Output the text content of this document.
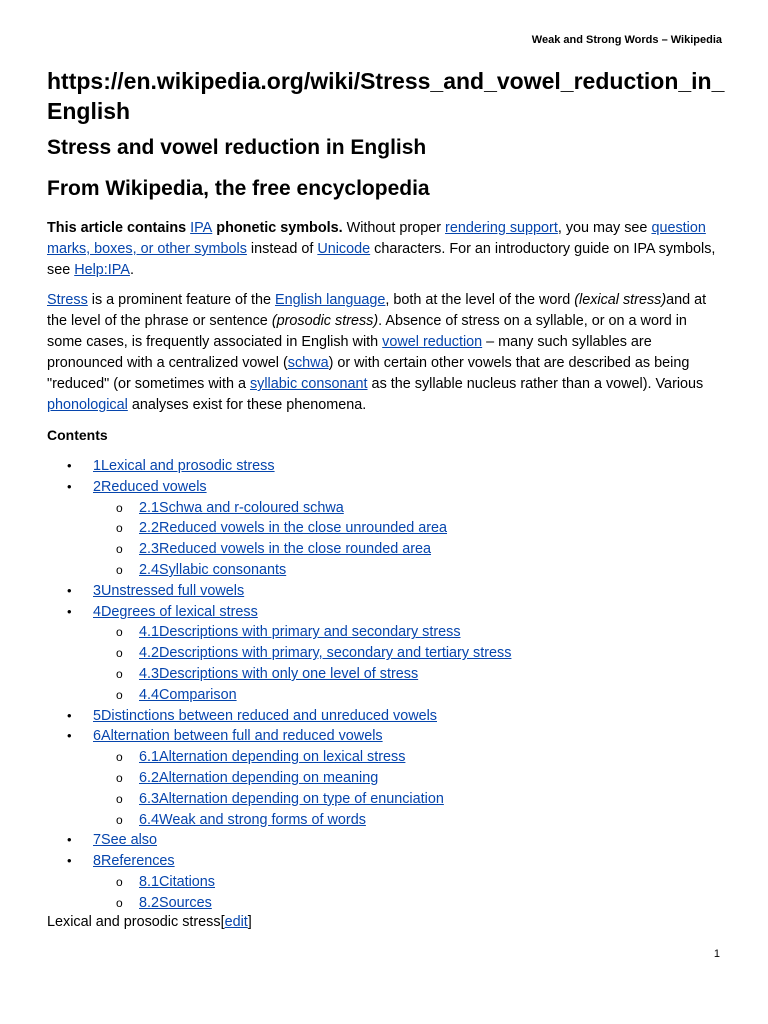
Weak and Strong Words – Wikipedia
https://en.wikipedia.org/wiki/Stress_and_vowel_reduction_in_English
Stress and vowel reduction in English
From Wikipedia, the free encyclopedia
This article contains IPA phonetic symbols. Without proper rendering support, you may see question marks, boxes, or other symbols instead of Unicode characters. For an introductory guide on IPA symbols, see Help:IPA.
Stress is a prominent feature of the English language, both at the level of the word (lexical stress)and at the level of the phrase or sentence (prosodic stress). Absence of stress on a syllable, or on a word in some cases, is frequently associated in English with vowel reduction – many such syllables are pronounced with a centralized vowel (schwa) or with certain other vowels that are described as being "reduced" (or sometimes with a syllabic consonant as the syllable nucleus rather than a vowel). Various phonological analyses exist for these phenomena.
Contents
• 1Lexical and prosodic stress
• 2Reduced vowels
o 2.1Schwa and r-coloured schwa
o 2.2Reduced vowels in the close unrounded area
o 2.3Reduced vowels in the close rounded area
o 2.4Syllabic consonants
• 3Unstressed full vowels
• 4Degrees of lexical stress
o 4.1Descriptions with primary and secondary stress
o 4.2Descriptions with primary, secondary and tertiary stress
o 4.3Descriptions with only one level of stress
o 4.4Comparison
• 5Distinctions between reduced and unreduced vowels
• 6Alternation between full and reduced vowels
o 6.1Alternation depending on lexical stress
o 6.2Alternation depending on meaning
o 6.3Alternation depending on type of enunciation
o 6.4Weak and strong forms of words
• 7See also
• 8References
o 8.1Citations
o 8.2Sources
Lexical and prosodic stress[edit]
1
